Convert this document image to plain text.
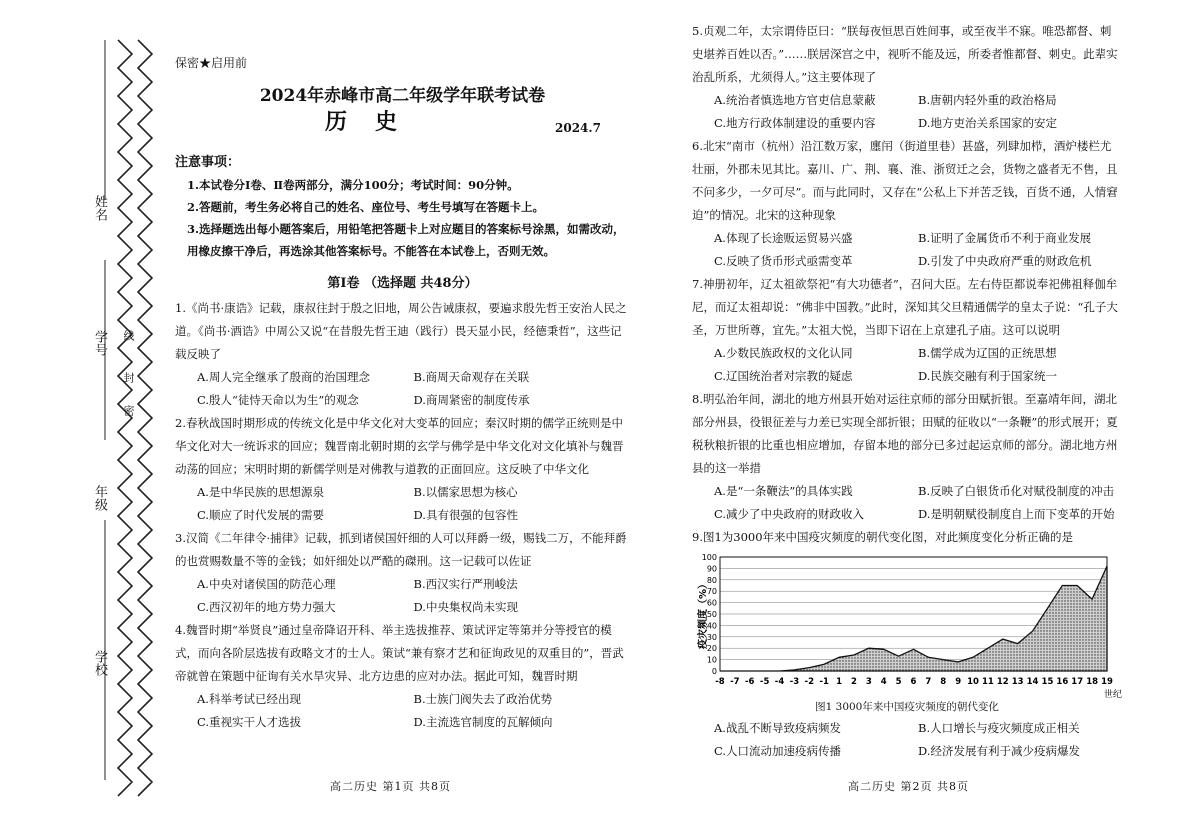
姓名
学号
年级
学校
线
封
密
保密★启用前
2024年赤峰市高二年级学年联考试卷
历史	2024.7
注意事项：
1.本试卷分Ⅰ卷、Ⅱ卷两部分，满分100分；考试时间：90分钟。
2.答题前，考生务必将自己的姓名、座位号、考生号填写在答题卡上。
3.选择题选出每小题答案后，用铅笔把答题卡上对应题目的答案标号涂黑，如需改动，用橡皮擦干净后，再选涂其他答案标号。不能答在本试卷上，否则无效。
第Ⅰ卷 （选择题 共48分）
1.《尚书·康诰》记载，康叔往封于殷之旧地，周公告诫康叔，要遍求殷先哲王安治人民之道。《尚书·酒诰》中周公又说“在昔殷先哲王迪（践行）畏天显小民，经德秉哲”，这些记载反映了
A.周人完全继承了殷商的治国理念	B.商周天命观存在关联
C.殷人“徒恃天命以为生”的观念	D.商周紧密的制度传承
2.春秋战国时期形成的传统文化是中华文化对大变革的回应；秦汉时期的儒学正统则是中华文化对大一统诉求的回应；魏晋南北朝时期的玄学与佛学是中华文化对文化填补与魏晋动荡的回应；宋明时期的新儒学则是对佛教与道教的正面回应。这反映了中华文化
A.是中华民族的思想源泉	B.以儒家思想为核心
C.顺应了时代发展的需要	D.具有很强的包容性
3.汉简《二年律令·捕律》记载，抓到诸侯国奸细的人可以拜爵一级，赐钱二万，不能拜爵的也赏赐数量不等的金钱；如奸细处以严酷的磔刑。这一记载可以佐证
A.中央对诸侯国的防范心理	B.西汉实行严刑峻法
C.西汉初年的地方势力强大	D.中央集权尚未实现
4.魏晋时期“举贤良”通过皇帝降诏开科、举主选拔推荐、策试评定等第并分等授官的模式，而向各阶层选拔有政略文才的士人。策试“兼有察才艺和征询政见的双重目的”，晋武帝就曾在策题中征询有关水旱灾异、北方边患的应对办法。据此可知，魏晋时期
A.科举考试已经出现	B.士族门阀失去了政治优势
C.重视实干人才选拔	D.主流选官制度的瓦解倾向
高二历史 第1页 共8页
5.贞观二年，太宗谓侍臣曰：“朕每夜恒思百姓间事，或至夜半不寐。唯恐都督、刺史堪养百姓以否。”……朕居深宫之中，视听不能及远，所委者惟都督、刺史。此辈实治乱所系，尤须得人。”这主要体现了
A.统治者慎选地方官吏信息蒙蔽	B.唐朝内轻外重的政治格局
C.地方行政体制建设的重要内容	D.地方吏治关系国家的安定
6.北宋“南市（杭州）沿江数万家，廛闬（街道里巷）甚盛，列肆加栉，酒炉楼栏尤壮丽，外郡未见其比。嘉川、广、荆、襄、淮、浙贸迁之会，货物之盛者无不售，且不问多少，一夕可尽”。而与此同时，又存在“公私上下并苦乏钱，百货不通，人情窘迫”的情况。北宋的这种现象
A.体现了长途贩运贸易兴盛	B.证明了金属货币不利于商业发展
C.反映了货币形式亟需变革	D.引发了中央政府严重的财政危机
7.神册初年，辽太祖欲祭祀“有大功德者”，召问大臣。左右侍臣都说奉祀佛祖释伽牟尼，而辽太祖却说：“佛非中国教。”此时，深知其父旦精通儒学的皇太子说：“孔子大圣，万世所尊，宜先。”太祖大悦，当即下诏在上京建孔子庙。这可以说明
A.少数民族政权的文化认同	B.儒学成为辽国的正统思想
C.辽国统治者对宗教的疑虑	D.民族交融有利于国家统一
8.明弘治年间，湖北的地方州县开始对运往京师的部分田赋折银。至嘉靖年间，湖北部分州县，役银征差与力差已实现全部折银；田赋的征收以“一条鞭”的形式展开；夏税秋粮折银的比重也相应增加，存留本地的部分已多过起运京师的部分。湖北地方州县的这一举措
A.是“一条鞭法”的具体实践	B.反映了白银货币化对赋役制度的冲击
C.减少了中央政府的财政收入	D.是明朝赋役制度自上而下变革的开始
9.图1为3000年来中国疫灾频度的朝代变化图，对此频度变化分析正确的是
0
10
20
30
40
50
60
70
80
90
100
-8 -7 -6 -5 -4 -3 -2 -1 1 2 3 4 5 6 7 8 9 10 11 12 13 14 15 16 17 18 19
疫灾频度（%）
世纪
图1 3000年来中国疫灾频度的朝代变化
A.战乱不断导致疫病频发	B.人口增长与疫灾频度成正相关
C.人口流动加速疫病传播	D.经济发展有利于减少疫病爆发
高二历史 第2页 共8页
